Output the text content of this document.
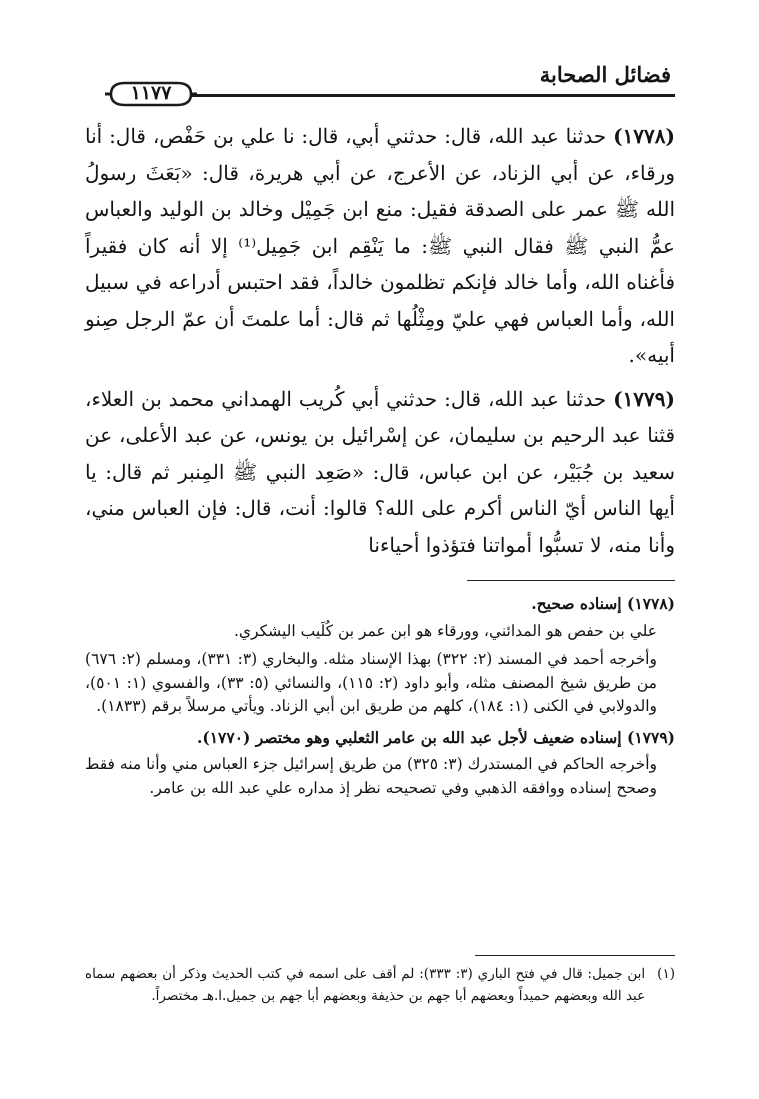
فضائل الصحابة
١١٧٧

(١٧٧٨) حدثنا عبد الله، قال: حدثني أبي، قال: نا علي بن حَفْص، قال: أنا ورقاء، عن أبي الزناد، عن الأعرج، عن أبي هريرة، قال: «بَعَثَ رسولُ الله ﷺ عمر على الصدقة فقيل: منع ابن جَمِيْل وخالد بن الوليد والعباس عمُّ النبي ﷺ فقال النبي ﷺ: ما يَنْقِم ابن جَمِيل⁽¹⁾ إلا أنه كان فقيراً فأغناه الله، وأما خالد فإنكم تظلمون خالداً، فقد احتبس أدراعه في سبيل الله، وأما العباس فهي عليّ ومِثْلُها ثم قال: أما علمتَ أن عمّ الرجل صِنو أبيه».

(١٧٧٩) حدثنا عبد الله، قال: حدثني أبي كُريب الهمداني محمد بن العلاء، قثنا عبد الرحيم بن سليمان، عن إسْرائيل بن يونس، عن عبد الأعلى، عن سعيد بن جُبَيْر، عن ابن عباس، قال: «صَعِد النبي ﷺ المِنبر ثم قال: يا أيها الناس أيّ الناس أكرم على الله؟ قالوا: أنت، قال: فإن العباس مني، وأنا منه، لا تسبُّوا أمواتنا فتؤذوا أحياءنا

(١٧٧٨) إسناده صحيح.

علي بن حفص هو المدائني، وورقاء هو ابن عمر بن كُلَيب اليشكري.

وأخرجه أحمد في المسند (٢: ٣٢٢) بهذا الإسناد مثله. والبخاري (٣: ٣٣١)، ومسلم (٢: ٦٧٦) من طريق شيخ المصنف مثله، وأبو داود (٢: ١١٥)، والنسائي (٥: ٣٣)، والفسوي (١: ٥٠١)، والدولابي في الكنى (١: ١٨٤)، كلهم من طريق ابن أبي الزناد. ويأتي مرسلاً برقم (١٨٣٣).

(١٧٧٩) إسناده ضعيف لأجل عبد الله بن عامر الثعلبي وهو مختصر (١٧٧٠).

وأخرجه الحاكم في المستدرك (٣: ٣٢٥) من طريق إسرائيل جزء العباس مني وأنا منه فقط وصحح إسناده ووافقه الذهبي وفي تصحيحه نظر إذ مداره علي عبد الله بن عامر.

(١)
ابن جميل: قال في فتح الباري (٣: ٣٣٣): لم أقف على اسمه في كتب الحديث وذكر أن بعضهم سماه عبد الله وبعضهم حميداً وبعضهم أبا جهم بن حذيفة وبعضهم أبا جهم بن جميل.ا.هـ مختصراً.
